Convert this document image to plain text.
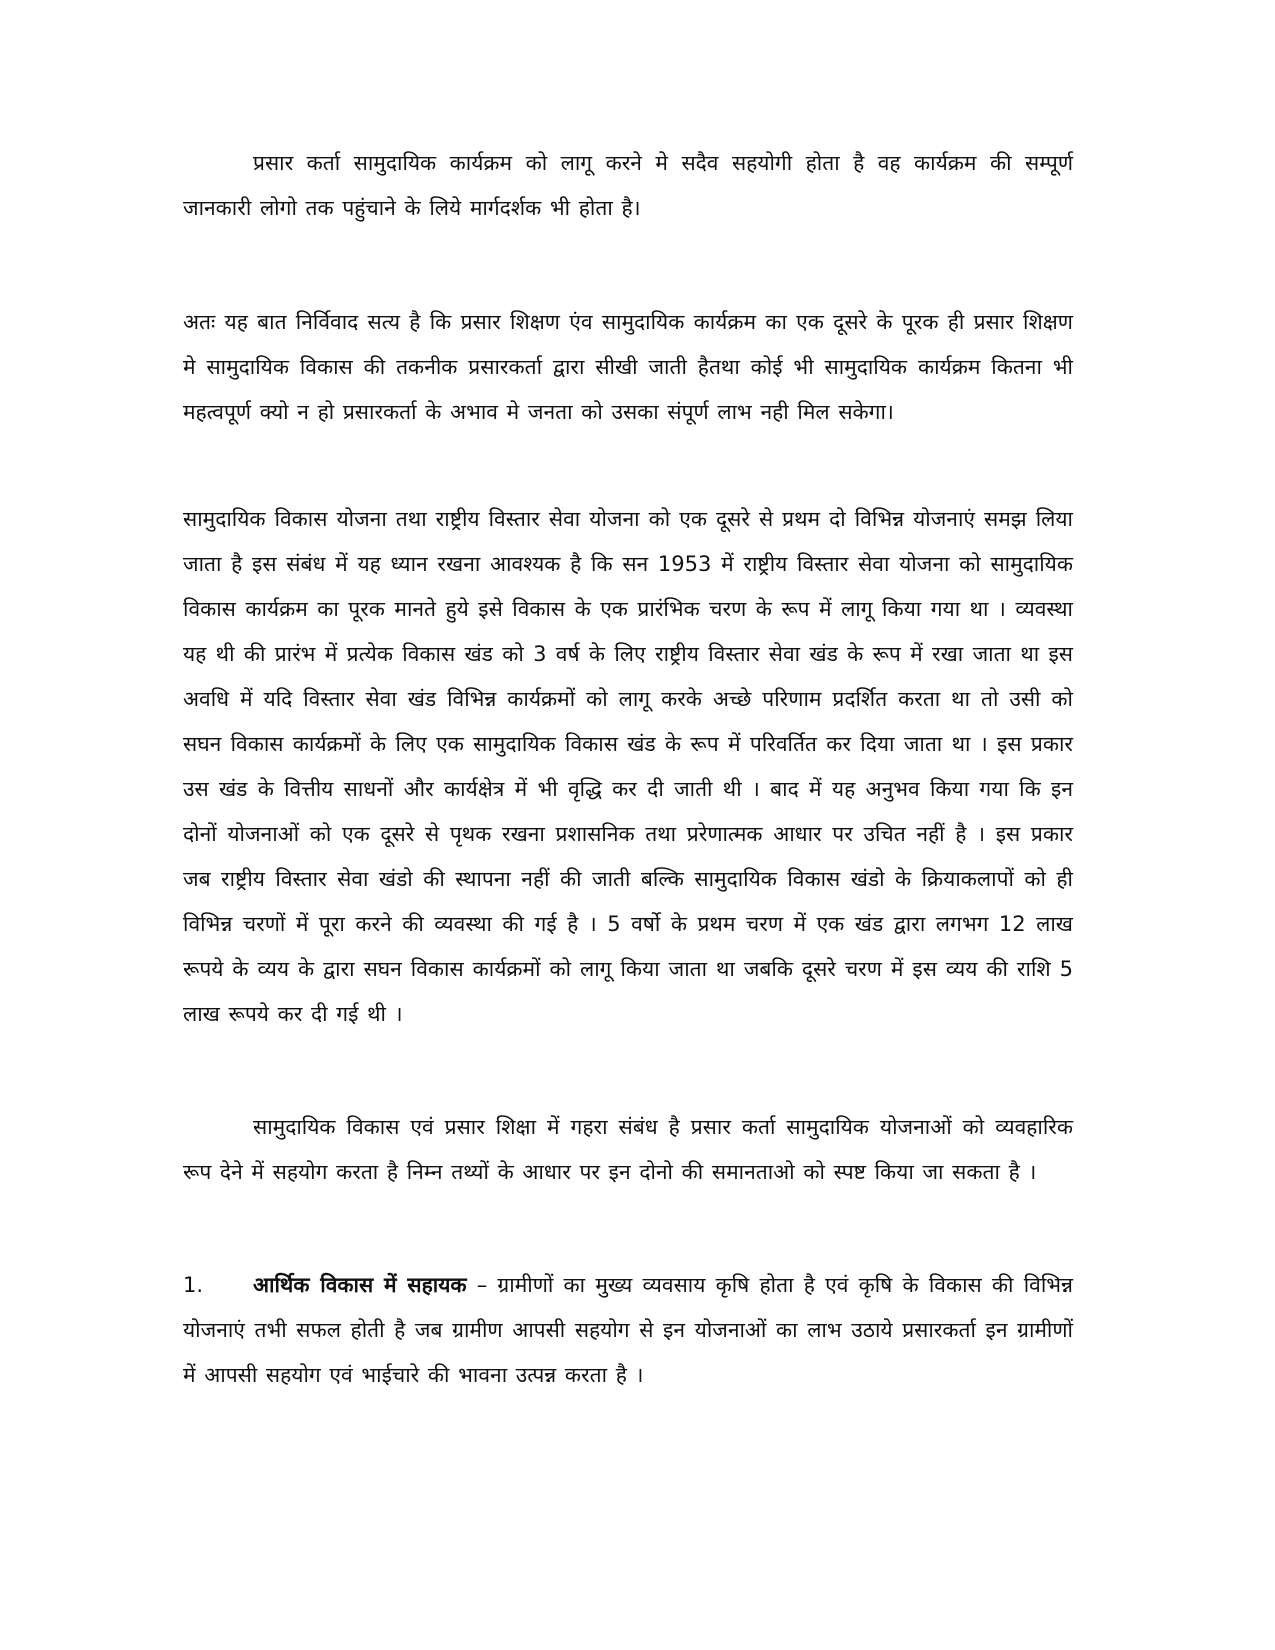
प्रसार कर्ता सामुदायिक कार्यक्रम को लागू करने मे सदैव सहयोगी होता है वह कार्यक्रम की सम्पूर्ण जानकारी लोगो तक पहुंचाने के लिये मार्गदर्शक भी होता है।

अतः यह बात निर्विवाद सत्य है कि प्रसार शिक्षण एंव सामुदायिक कार्यक्रम का एक दूसरे के पूरक ही प्रसार शिक्षण मे सामुदायिक विकास की तकनीक प्रसारकर्ता द्वारा सीखी जाती हैतथा कोई भी सामुदायिक कार्यक्रम कितना भी महत्वपूर्ण क्यो न हो प्रसारकर्ता के अभाव मे जनता को उसका संपूर्ण लाभ नही मिल सकेगा।

सामुदायिक विकास योजना तथा राष्ट्रीय विस्तार सेवा योजना को एक दूसरे से प्रथम दो विभिन्न योजनाएं समझ लिया जाता है इस संबंध में यह ध्यान रखना आवश्यक है कि सन 1953 में राष्ट्रीय विस्तार सेवा योजना को सामुदायिक विकास कार्यक्रम का पूरक मानते हुये इसे विकास के एक प्रारंभिक चरण के रूप में लागू किया गया था । व्यवस्था यह थी की प्रारंभ में प्रत्येक विकास खंड को 3 वर्ष के लिए राष्ट्रीय विस्तार सेवा खंड के रूप में रखा जाता था इस अवधि में यदि विस्तार सेवा खंड विभिन्न कार्यक्रमों को लागू करके अच्छे परिणाम प्रदर्शित करता था तो उसी को सघन विकास कार्यक्रमों के लिए एक सामुदायिक विकास खंड के रूप में परिवर्तित कर दिया जाता था । इस प्रकार उस खंड के वित्तीय साधनों और कार्यक्षेत्र में भी वृद्धि कर दी जाती थी । बाद में यह अनुभव किया गया कि इन दोनों योजनाओं को एक दूसरे से पृथक रखना प्रशासनिक तथा प्ररेणात्मक आधार पर उचित नहीं है । इस प्रकार जब राष्ट्रीय विस्तार सेवा खंडो की स्थापना नहीं की जाती बल्कि सामुदायिक विकास खंडो के क्रियाकलापों को ही विभिन्न चरणों में पूरा करने की व्यवस्था की गई है । 5 वर्षो के प्रथम चरण में एक खंड द्वारा लगभग 12 लाख रूपये के व्यय के द्वारा सघन विकास कार्यक्रमों को लागू किया जाता था जबकि दूसरे चरण में इस व्यय की राशि 5 लाख रूपये कर दी गई थी ।

सामुदायिक विकास एवं प्रसार शिक्षा में गहरा संबंध है प्रसार कर्ता सामुदायिक योजनाओं को व्यवहारिक रूप देने में सहयोग करता है निम्न तथ्यों के आधार पर इन दोनो की समानताओ को स्पष्ट किया जा सकता है ।

1. आर्थिक विकास में सहायक – ग्रामीणों का मुख्य व्यवसाय कृषि होता है एवं कृषि के विकास की विभिन्न योजनाएं तभी सफल होती है जब ग्रामीण आपसी सहयोग से इन योजनाओं का लाभ उठाये प्रसारकर्ता इन ग्रामीणों में आपसी सहयोग एवं भाईचारे की भावना उत्पन्न करता है ।
